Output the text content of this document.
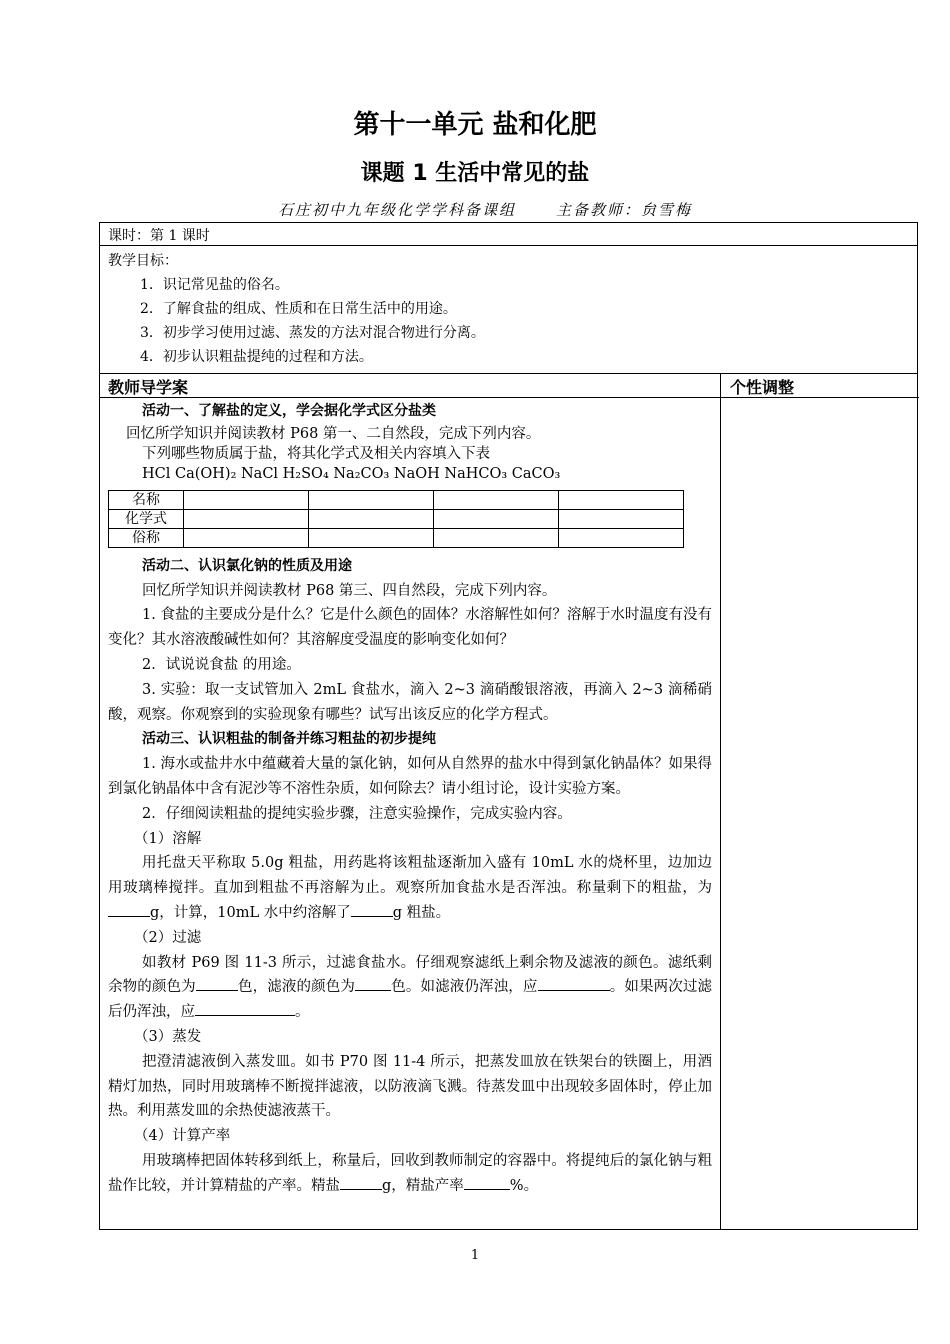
第十一单元 盐和化肥
课题 1 生活中常见的盐
石庄初中九年级化学学科备课组	主备教师：贠雪梅
课时：第 1 课时
教学目标：
1．识记常见盐的俗名。
2．了解食盐的组成、性质和在日常生活中的用途。
3．初步学习使用过滤、蒸发的方法对混合物进行分离。
4．初步认识粗盐提纯的过程和方法。
教师导学案	个性调整
活动一、了解盐的定义，学会据化学式区分盐类
回忆所学知识并阅读教材 P68 第一、二自然段，完成下列内容。
下列哪些物质属于盐，将其化学式及相关内容填入下表
HCl Ca(OH)₂ NaCl H₂SO₄ Na₂CO₃ NaOH NaHCO₃ CaCO₃
名称				
化学式				
俗称				
活动二、认识氯化钠的性质及用途
回忆所学知识并阅读教材 P68 第三、四自然段，完成下列内容。
1. 食盐的主要成分是什么？它是什么颜色的固体？水溶解性如何？溶解于水时温度有没有变化？其水溶液酸碱性如何？其溶解度受温度的影响变化如何？
2．试说说食盐 的用途。
3. 实验：取一支试管加入 2mL 食盐水，滴入 2~3 滴硝酸银溶液，再滴入 2~3 滴稀硝酸，观察。你观察到的实验现象有哪些？试写出该反应的化学方程式。
活动三、认识粗盐的制备并练习粗盐的初步提纯
1. 海水或盐井水中蕴藏着大量的氯化钠，如何从自然界的盐水中得到氯化钠晶体？如果得到氯化钠晶体中含有泥沙等不溶性杂质，如何除去？请小组讨论，设计实验方案。
2．仔细阅读粗盐的提纯实验步骤，注意实验操作，完成实验内容。
（1）溶解
用托盘天平称取 5.0g 粗盐，用药匙将该粗盐逐渐加入盛有 10mL 水的烧杯里，边加边用玻璃棒搅拌。直加到粗盐不再溶解为止。观察所加食盐水是否浑浊。称量剩下的粗盐，为g，计算，10mL 水中约溶解了	g 粗盐。
（2）过滤
如教材 P69 图 11-3 所示，过滤食盐水。仔细观察滤纸上剩余物及滤液的颜色。滤纸剩余物的颜色为	色，滤液的颜色为 色。如滤液仍浑浊，应	。如果两次过滤后仍浑浊，应	。
（3）蒸发
把澄清滤液倒入蒸发皿。如书 P70 图 11-4 所示，把蒸发皿放在铁架台的铁圈上，用酒精灯加热，同时用玻璃棒不断搅拌滤液，以防液滴飞溅。待蒸发皿中出现较多固体时，停止加热。利用蒸发皿的余热使滤液蒸干。
（4）计算产率
用玻璃棒把固体转移到纸上，称量后，回收到教师制定的容器中。将提纯后的氯化钠与粗盐作比较，并计算精盐的产率。精盐	g，精盐产率	%。
1
